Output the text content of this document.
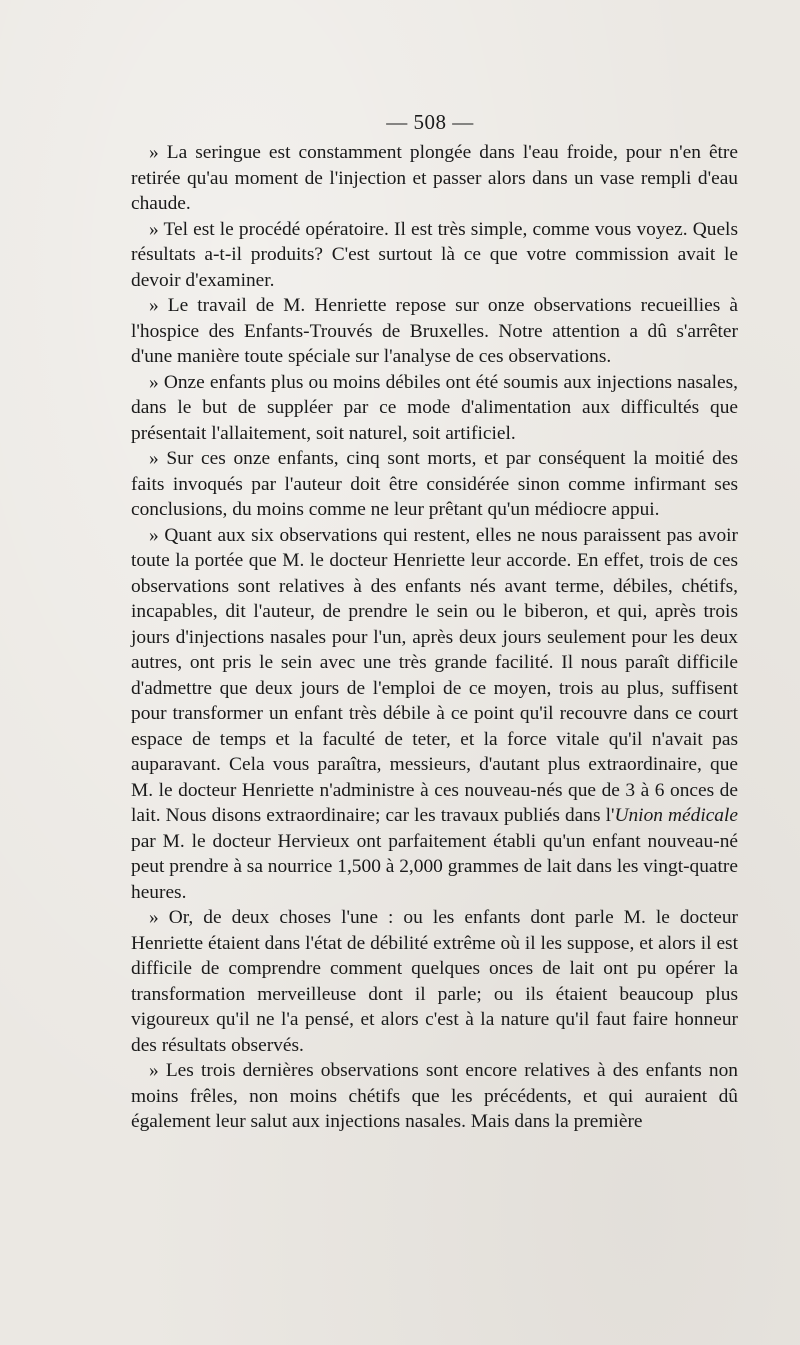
— 508 —

» La seringue est constamment plongée dans l'eau froide, pour n'en être retirée qu'au moment de l'injection et passer alors dans un vase rempli d'eau chaude.

» Tel est le procédé opératoire. Il est très simple, comme vous voyez. Quels résultats a-t-il produits? C'est surtout là ce que votre commission avait le devoir d'examiner.

» Le travail de M. Henriette repose sur onze observations recueillies à l'hospice des Enfants-Trouvés de Bruxelles. Notre attention a dû s'arrêter d'une manière toute spéciale sur l'analyse de ces observations.

» Onze enfants plus ou moins débiles ont été soumis aux injections nasales, dans le but de suppléer par ce mode d'alimentation aux difficultés que présentait l'allaitement, soit naturel, soit artificiel.

» Sur ces onze enfants, cinq sont morts, et par conséquent la moitié des faits invoqués par l'auteur doit être considérée sinon comme infirmant ses conclusions, du moins comme ne leur prêtant qu'un médiocre appui.

» Quant aux six observations qui restent, elles ne nous paraissent pas avoir toute la portée que M. le docteur Henriette leur accorde. En effet, trois de ces observations sont relatives à des enfants nés avant terme, débiles, chétifs, incapables, dit l'auteur, de prendre le sein ou le biberon, et qui, après trois jours d'injections nasales pour l'un, après deux jours seulement pour les deux autres, ont pris le sein avec une très grande facilité. Il nous paraît difficile d'admettre que deux jours de l'emploi de ce moyen, trois au plus, suffisent pour transformer un enfant très débile à ce point qu'il recouvre dans ce court espace de temps et la faculté de teter, et la force vitale qu'il n'avait pas auparavant. Cela vous paraîtra, messieurs, d'autant plus extraordinaire, que M. le docteur Henriette n'administre à ces nouveau-nés que de 3 à 6 onces de lait. Nous disons extraordinaire; car les travaux publiés dans l'Union médicale par M. le docteur Hervieux ont parfaitement établi qu'un enfant nouveau-né peut prendre à sa nourrice 1,500 à 2,000 grammes de lait dans les vingt-quatre heures.

» Or, de deux choses l'une : ou les enfants dont parle M. le docteur Henriette étaient dans l'état de débilité extrême où il les suppose, et alors il est difficile de comprendre comment quelques onces de lait ont pu opérer la transformation merveilleuse dont il parle; ou ils étaient beaucoup plus vigoureux qu'il ne l'a pensé, et alors c'est à la nature qu'il faut faire honneur des résultats observés.

» Les trois dernières observations sont encore relatives à des enfants non moins frêles, non moins chétifs que les précédents, et qui auraient dû également leur salut aux injections nasales. Mais dans la première
